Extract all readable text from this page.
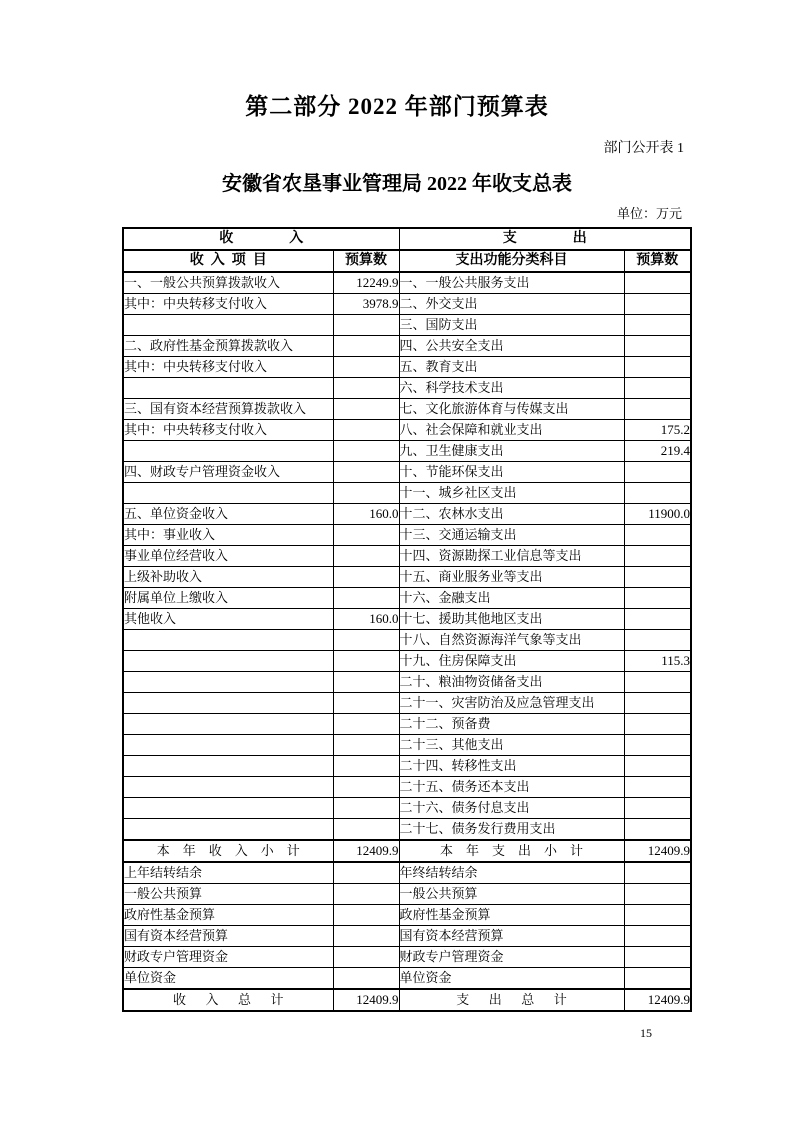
第二部分 2022 年部门预算表
部门公开表 1
安徽省农垦事业管理局 2022 年收支总表
单位：万元
收                入		支                出	
收  入  项  目	预算数	支出功能分类科目	预算数
一、一般公共预算拨款收入	12249.9	一、一般公共服务支出	
其中：中央转移支付收入	3978.9	二、外交支出	
		三、国防支出	
二、政府性基金预算拨款收入		四、公共安全支出	
其中：中央转移支付收入		五、教育支出	
		六、科学技术支出	
三、国有资本经营预算拨款收入		七、文化旅游体育与传媒支出	
其中：中央转移支付收入		八、社会保障和就业支出	175.2
		九、卫生健康支出	219.4
四、财政专户管理资金收入		十、节能环保支出	
		十一、城乡社区支出	
五、单位资金收入	160.0	十二、农林水支出	11900.0
其中：事业收入		十三、交通运输支出	
事业单位经营收入		十四、资源勘探工业信息等支出	
上级补助收入		十五、商业服务业等支出	
附属单位上缴收入		十六、金融支出	
其他收入	160.0	十七、援助其他地区支出	
		十八、自然资源海洋气象等支出	
		十九、住房保障支出	115.3
		二十、粮油物资储备支出	
		二十一、灾害防治及应急管理支出	
		二十二、预备费	
		二十三、其他支出	
		二十四、转移性支出	
		二十五、债务还本支出	
		二十六、债务付息支出	
		二十七、债务发行费用支出	
本    年    收    入    小    计	12409.9	本    年    支    出    小    计	12409.9
上年结转结余		年终结转结余	
一般公共预算		一般公共预算	
政府性基金预算		政府性基金预算	
国有资本经营预算		国有资本经营预算	
财政专户管理资金		财政专户管理资金	
单位资金		单位资金	
收      入      总      计	12409.9	支      出      总      计	12409.9
15
